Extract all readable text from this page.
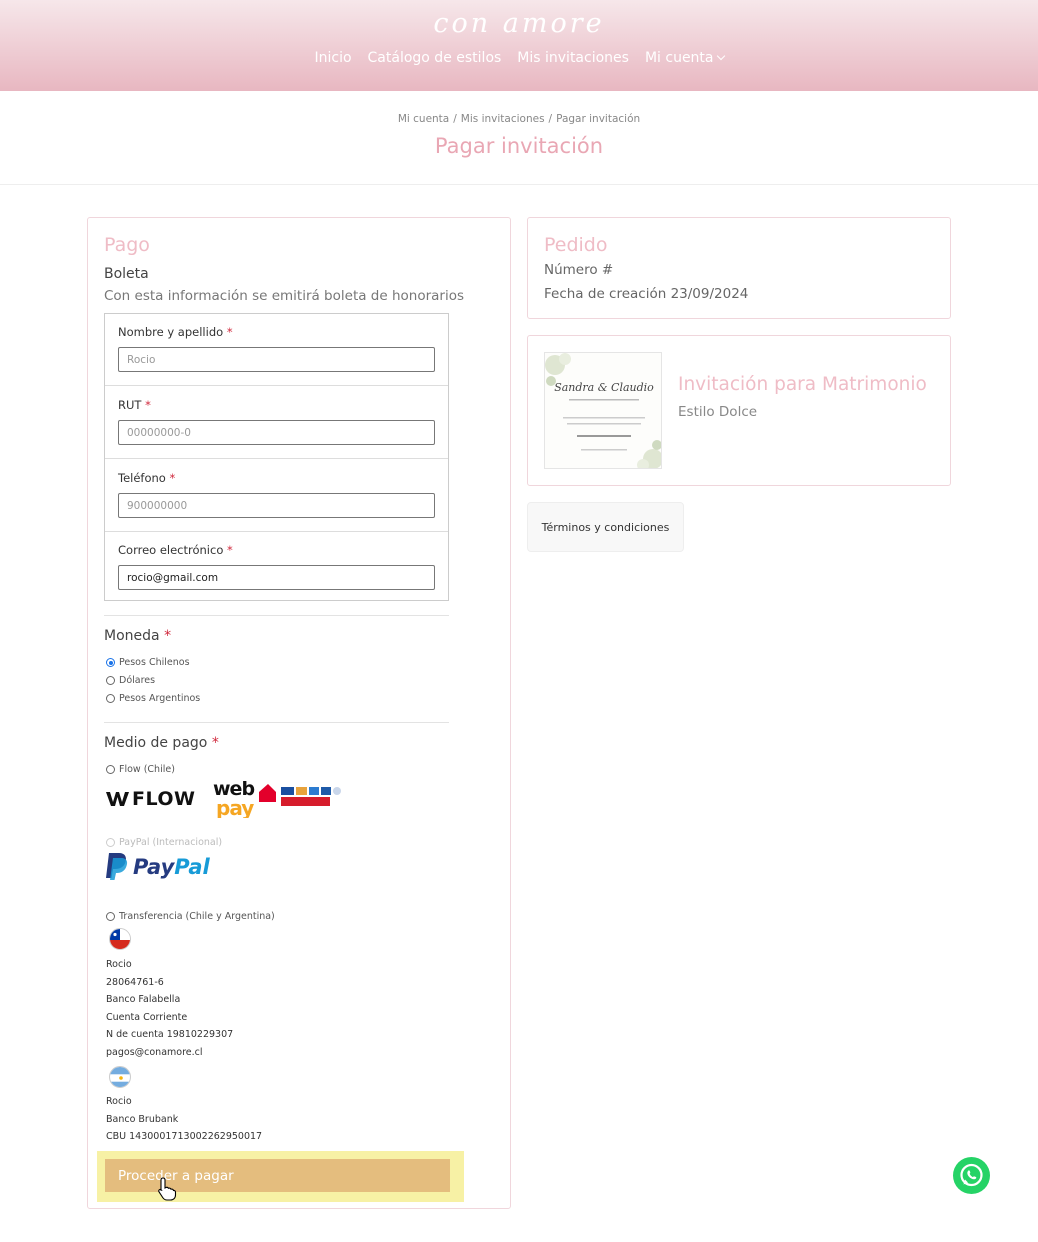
con amore
Inicio Catálogo de estilos Mis invitaciones Mi cuenta
Mi cuenta / Mis invitaciones / Pagar invitación
Pagar invitación
Pago
Boleta
Con esta información se emitirá boleta de honorarios
Nombre y apellido *
Rocio
RUT *
00000000-0
Teléfono *
900000000
Correo electrónico *
rocio@gmail.com
Moneda *
Pesos Chilenos
Dólares
Pesos Argentinos
Medio de pago *
Flow (Chile)
FLOW web
pay
PayPal (Internacional)
PayPal
Transferencia (Chile y Argentina)
Rocio
28064761-6
Banco Falabella
Cuenta Corriente
N de cuenta 19810229307
pagos@conamore.cl
Rocio
Banco Brubank
CBU 1430001713002262950017
Proceder a pagar
Pedido
Número #
Fecha de creación 23/09/2024
Sandra & Claudio Invitación para Matrimonio
Estilo Dolce
Términos y condiciones
